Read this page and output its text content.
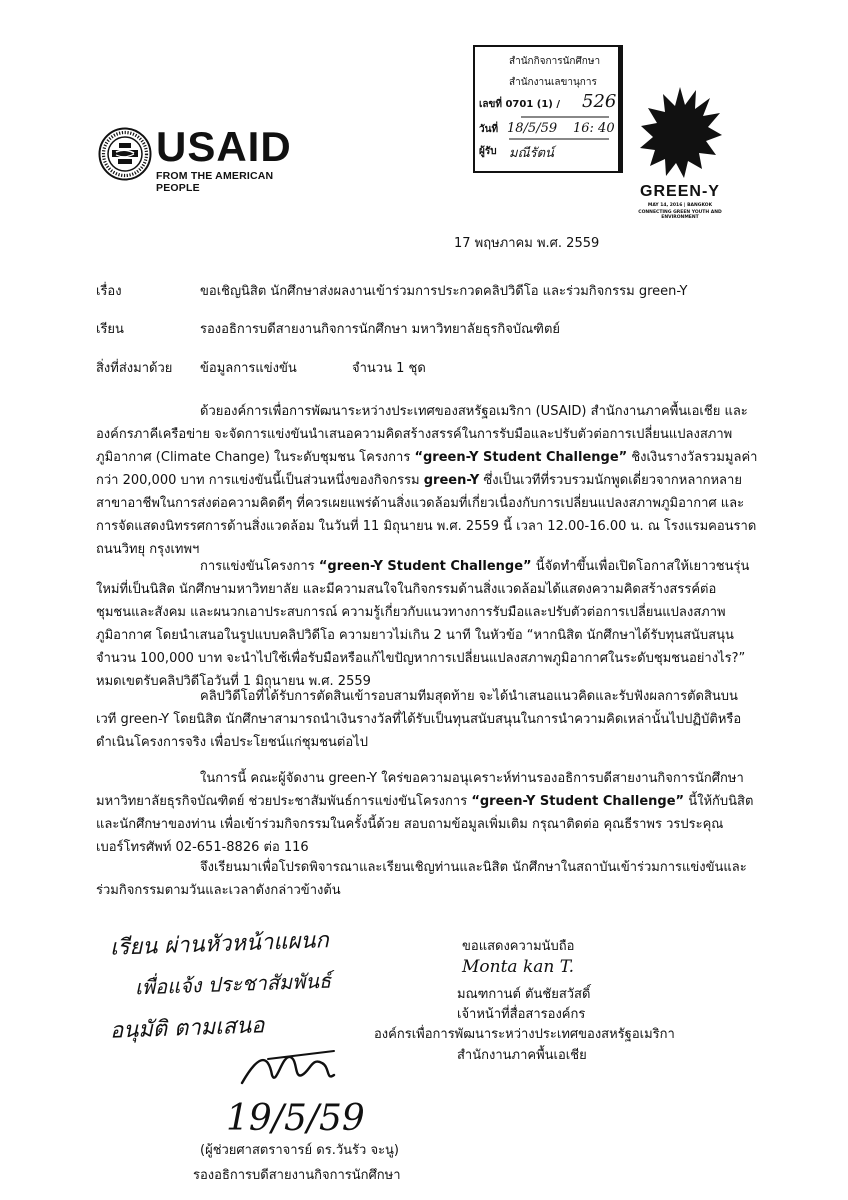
USAID
FROM THE AMERICAN PEOPLE
สำนักกิจการนักศึกษา
สำนักงานเลขานุการ
เลขที่ 0701 (1) / 526
วันที่ 18/5/59 16: 40
ผู้รับ มณีรัตน์
GREEN-Y
MAY 14, 2016 | BANGKOK
CONNECTING GREEN YOUTH AND ENVIRONMENT
17 พฤษภาคม พ.ศ. 2559
เรื่อง	ขอเชิญนิสิต นักศึกษาส่งผลงานเข้าร่วมการประกวดคลิปวิดีโอ และร่วมกิจกรรม green-Y
เรียน	รองอธิการบดีสายงานกิจการนักศึกษา มหาวิทยาลัยธุรกิจบัณฑิตย์
สิ่งที่ส่งมาด้วย ข้อมูลการแข่งขัน	จำนวน 1 ชุด
ด้วยองค์การเพื่อการพัฒนาระหว่างประเทศของสหรัฐอเมริกา (USAID) สำนักงานภาคพื้นเอเชีย และ
องค์กรภาคีเครือข่าย จะจัดการแข่งขันนำเสนอความคิดสร้างสรรค์ในการรับมือและปรับตัวต่อการเปลี่ยนแปลงสภาพ
ภูมิอากาศ (Climate Change) ในระดับชุมชน โครงการ “green-Y Student Challenge” ชิงเงินรางวัลรวมมูลค่า
กว่า 200,000 บาท การแข่งขันนี้เป็นส่วนหนึ่งของกิจกรรม green-Y ซึ่งเป็นเวทีที่รวบรวมนักพูดเดี่ยวจากหลากหลาย
สาขาอาชีพในการส่งต่อความคิดดีๆ ที่ควรเผยแพร่ด้านสิ่งแวดล้อมที่เกี่ยวเนื่องกับการเปลี่ยนแปลงสภาพภูมิอากาศ และ
การจัดแสดงนิทรรศการด้านสิ่งแวดล้อม ในวันที่ 11 มิถุนายน พ.ศ. 2559 นี้ เวลา 12.00-16.00 น. ณ โรงแรมคอนราด
ถนนวิทยุ กรุงเทพฯ
การแข่งขันโครงการ “green-Y Student Challenge” นี้จัดทำขึ้นเพื่อเปิดโอกาสให้เยาวชนรุ่น
ใหม่ที่เป็นนิสิต นักศึกษามหาวิทยาลัย และมีความสนใจในกิจกรรมด้านสิ่งแวดล้อมได้แสดงความคิดสร้างสรรค์ต่อ
ชุมชนและสังคม และผนวกเอาประสบการณ์ ความรู้เกี่ยวกับแนวทางการรับมือและปรับตัวต่อการเปลี่ยนแปลงสภาพ
ภูมิอากาศ โดยนำเสนอในรูปแบบคลิปวิดีโอ ความยาวไม่เกิน 2 นาที ในหัวข้อ “หากนิสิต นักศึกษาได้รับทุนสนับสนุน
จำนวน 100,000 บาท จะนำไปใช้เพื่อรับมือหรือแก้ไขปัญหาการเปลี่ยนแปลงสภาพภูมิอากาศในระดับชุมชนอย่างไร?”
หมดเขตรับคลิปวิดีโอวันที่ 1 มิถุนายน พ.ศ. 2559
คลิปวิดีโอที่ได้รับการตัดสินเข้ารอบสามทีมสุดท้าย จะได้นำเสนอแนวคิดและรับฟังผลการตัดสินบน
เวที green-Y โดยนิสิต นักศึกษาสามารถนำเงินรางวัลที่ได้รับเป็นทุนสนับสนุนในการนำความคิดเหล่านั้นไปปฏิบัติหรือ
ดำเนินโครงการจริง เพื่อประโยชน์แก่ชุมชนต่อไป
ในการนี้ คณะผู้จัดงาน green-Y ใคร่ขอความอนุเคราะห์ท่านรองอธิการบดีสายงานกิจการนักศึกษา
มหาวิทยาลัยธุรกิจบัณฑิตย์ ช่วยประชาสัมพันธ์การแข่งขันโครงการ “green-Y Student Challenge” นี้ให้กับนิสิต
และนักศึกษาของท่าน เพื่อเข้าร่วมกิจกรรมในครั้งนี้ด้วย สอบถามข้อมูลเพิ่มเติม กรุณาติดต่อ คุณธีราพร วรประคุณ
เบอร์โทรศัพท์ 02-651-8826 ต่อ 116
จึงเรียนมาเพื่อโปรดพิจารณาและเรียนเชิญท่านและนิสิต นักศึกษาในสถาบันเข้าร่วมการแข่งขันและ
ร่วมกิจกรรมตามวันและเวลาดังกล่าวข้างต้น
ขอแสดงความนับถือ
Monta kan T.
มณฑกานต์ ตันชัยสวัสดิ์
เจ้าหน้าที่สื่อสารองค์กร
องค์กรเพื่อการพัฒนาระหว่างประเทศของสหรัฐอเมริกา
สำนักงานภาคพื้นเอเชีย
เรียน ผ่านหัวหน้าแผนก
เพื่อแจ้ง ประชาสัมพันธ์
อนุมัติ ตามเสนอ
19/5/59
(ผู้ช่วยศาสตราจารย์ ดร.วันรัว จะนู)
รองอธิการบดีสายงานกิจการนักศึกษา
